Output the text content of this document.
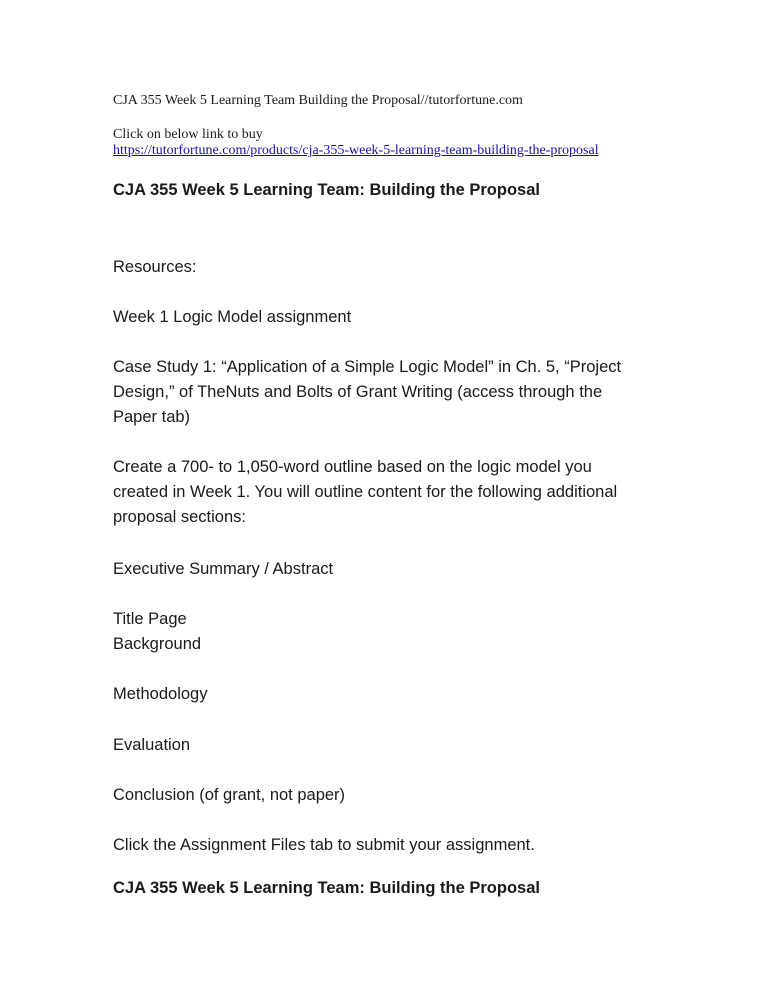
CJA 355 Week 5 Learning Team Building the Proposal//tutorfortune.com
Click on below link to buy
https://tutorfortune.com/products/cja-355-week-5-learning-team-building-the-proposal
CJA 355 Week 5 Learning Team: Building the Proposal
Resources:
Week 1 Logic Model assignment
Case Study 1: “Application of a Simple Logic Model” in Ch. 5, “Project
Design,” of TheNuts and Bolts of Grant Writing (access through the
Paper tab)
Create a 700- to 1,050-word outline based on the logic model you
created in Week 1. You will outline content for the following additional
proposal sections:
Executive Summary / Abstract
Title Page
Background
Methodology
Evaluation
Conclusion (of grant, not paper)
Click the Assignment Files tab to submit your assignment.
CJA 355 Week 5 Learning Team: Building the Proposal
